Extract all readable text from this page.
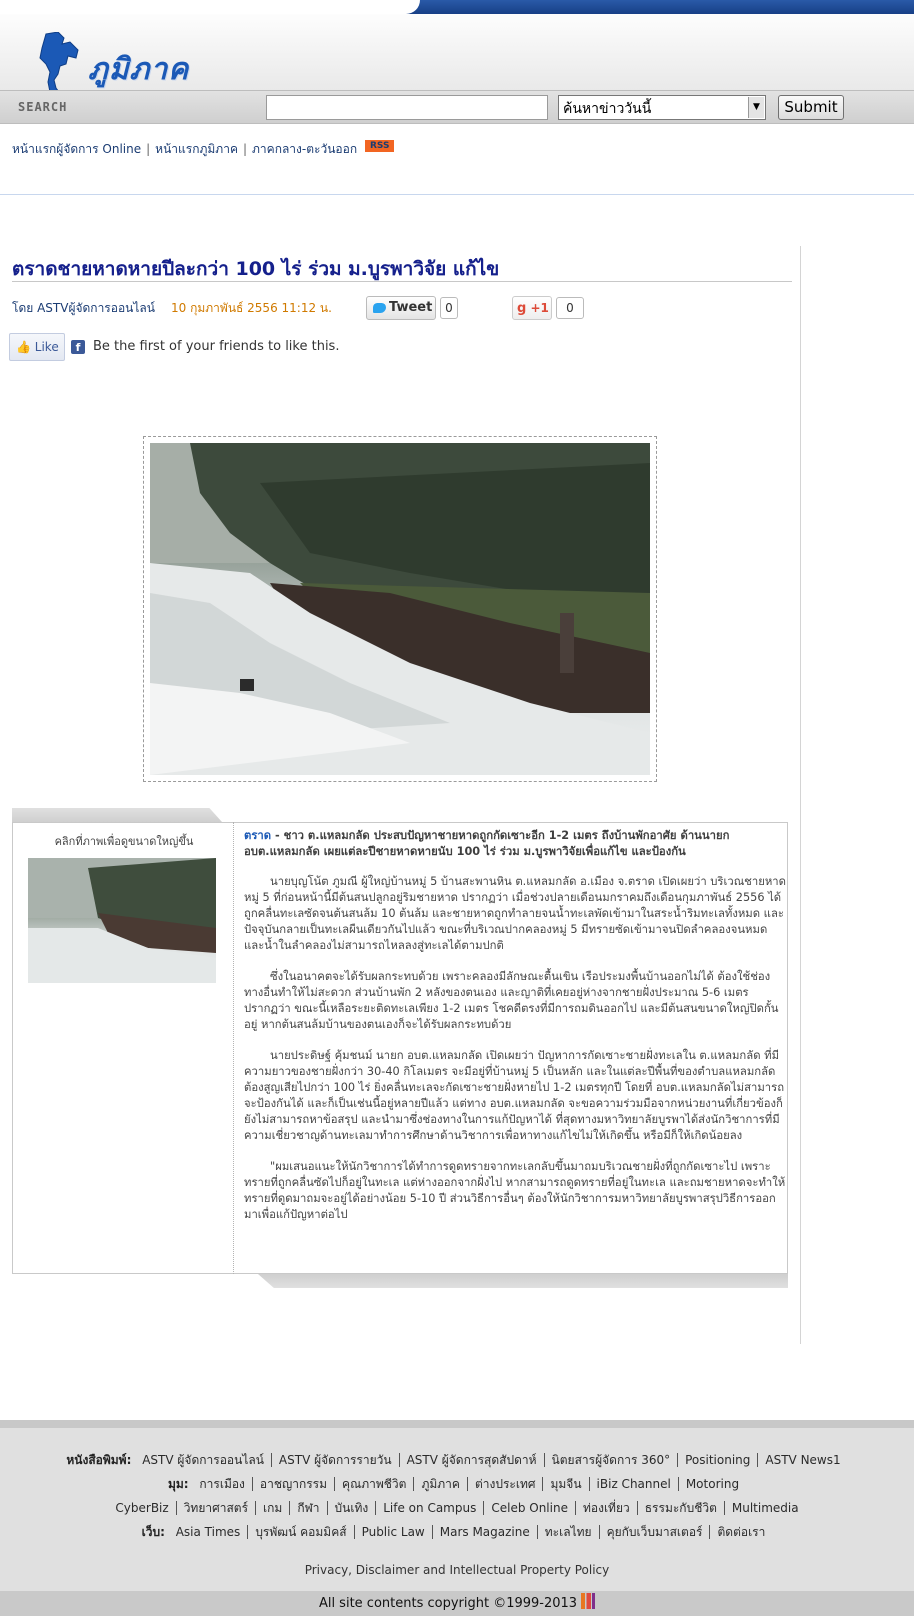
ภูมิภาค
SEARCH	ค้นหาข่าววันนี้	▼	Submit
หน้าแรกผู้จัดการ Online | หน้าแรกภูมิภาค | ภาคกลาง-ตะวันออก RSS
ตราดชายหาดหายปีละกว่า 100 ไร่ ร่วม ม.บูรพาวิจัย แก้ไข
โดย ASTVผู้จัดการออนไลน์ 10 กุมภาพันธ์ 2556 11:12 น.	Tweet	0	g +1	0
👍 Like	f Be the first of your friends to like this.
คลิกที่ภาพเพื่อดูขนาดใหญ่ขึ้น	ตราด - ชาว ต.แหลมกลัด ประสบปัญหาชายหาดถูกกัดเซาะอีก 1-2 เมตร ถึงบ้านพักอาศัย ด้านนายก อบต.แหลมกลัด เผยแต่ละปีชายหาดหายนับ 100 ไร่ ร่วม ม.บูรพาวิจัยเพื่อแก้ไข และป้องกัน
นายบุญโน้ต ภูมณี ผู้ใหญ่บ้านหมู่ 5 บ้านสะพานหิน ต.แหลมกลัด อ.เมือง จ.ตราด เปิดเผยว่า บริเวณชายหาดหมู่ 5 ที่ก่อนหน้านี้มีต้นสนปลูกอยู่ริมชายหาด ปรากฏว่า เมื่อช่วงปลายเดือนมกราคมถึงเดือนกุมภาพันธ์ 2556 ได้ถูกคลื่นทะเลซัดจนต้นสนล้ม 10 ต้นล้ม และชายหาดถูกทำลายจนน้ำทะเลพัดเข้ามาในสระน้ำริมทะเลทั้งหมด และปัจจุบันกลายเป็นทะเลผืนเดียวกันไปแล้ว ขณะที่บริเวณปากคลองหมู่ 5 มีทรายซัดเข้ามาจนปิดลำคลองจนหมด และน้ำในลำคลองไม่สามารถไหลลงสู่ทะเลได้ตามปกติ
ซึ่งในอนาคตจะได้รับผลกระทบด้วย เพราะคลองมีลักษณะตื้นเขิน เรือประมงพื้นบ้านออกไม่ได้ ต้องใช้ช่องทางอื่นทำให้ไม่สะดวก ส่วนบ้านพัก 2 หลังของตนเอง และญาติที่เคยอยู่ห่างจากชายฝั่งประมาณ 5-6 เมตร ปรากฏว่า ขณะนี้เหลือระยะติดทะเลเพียง 1-2 เมตร โชคดีตรงที่มีการถมดินออกไป และมีต้นสนขนาดใหญ่ปิดกั้นอยู่ หากต้นสนล้มบ้านของตนเองก็จะได้รับผลกระทบด้วย
นายประดิษฐ์ คุ้มชนม์ นายก อบต.แหลมกลัด เปิดเผยว่า ปัญหาการกัดเซาะชายฝั่งทะเลใน ต.แหลมกลัด ที่มีความยาวของชายฝั่งกว่า 30-40 กิโลเมตร จะมีอยู่ที่บ้านหมู่ 5 เป็นหลัก และในแต่ละปีพื้นที่ของตำบลแหลมกลัดต้องสูญเสียไปกว่า 100 ไร่ ยิ่งคลื่นทะเลจะกัดเซาะชายฝั่งหายไป 1-2 เมตรทุกปี โดยที่ อบต.แหลมกลัดไม่สามารถจะป้องกันได้ และก็เป็นเช่นนี้อยู่หลายปีแล้ว แต่ทาง อบต.แหลมกลัด จะขอความร่วมมือจากหน่วยงานที่เกี่ยวข้องก็ยังไม่สามารถหาข้อสรุป และนำมาซึ่งช่องทางในการแก้ปัญหาได้ ที่สุดทางมหาวิทยาลัยบูรพาได้ส่งนักวิชาการที่มีความเชี่ยวชาญด้านทะเลมาทำการศึกษาด้านวิชาการเพื่อหาทางแก้ไขไม่ให้เกิดขึ้น หรือมีก็ให้เกิดน้อยลง
"ผมเสนอแนะให้นักวิชาการได้ทำการดูดทรายจากทะเลกลับขึ้นมาถมบริเวณชายฝั่งที่ถูกกัดเซาะไป เพราะทรายที่ถูกคลื่นซัดไปก็อยู่ในทะเล แต่ห่างออกจากฝั่งไป หากสามารถดูดทรายที่อยู่ในทะเล และถมชายหาดจะทำให้ทรายที่ดูดมาถมจะอยู่ได้อย่างน้อย 5-10 ปี ส่วนวิธีการอื่นๆ ต้องให้นักวิชาการมหาวิทยาลัยบูรพาสรุปวิธีการออกมาเพื่อแก้ปัญหาต่อไป
หนังสือพิมพ์: ASTV ผู้จัดการออนไลน์ ASTV ผู้จัดการรายวัน ASTV ผู้จัดการสุดสัปดาห์ นิตยสารผู้จัดการ 360° Positioning ASTV News1
มุม: การเมือง อาชญากรรม คุณภาพชีวิต ภูมิภาค ต่างประเทศ มุมจีน iBiz Channel Motoring
CyberBiz วิทยาศาสตร์ เกม กีฬา บันเทิง Life on Campus Celeb Online ท่องเที่ยว ธรรมะกับชีวิต Multimedia
เว็บ: Asia Times บุรพัฒน์ คอมมิคส์ Public Law Mars Magazine ทะเลไทย คุยกับเว็บมาสเตอร์ ติดต่อเรา
Privacy, Disclaimer and Intellectual Property Policy
All site contents copyright ©1999-2013
